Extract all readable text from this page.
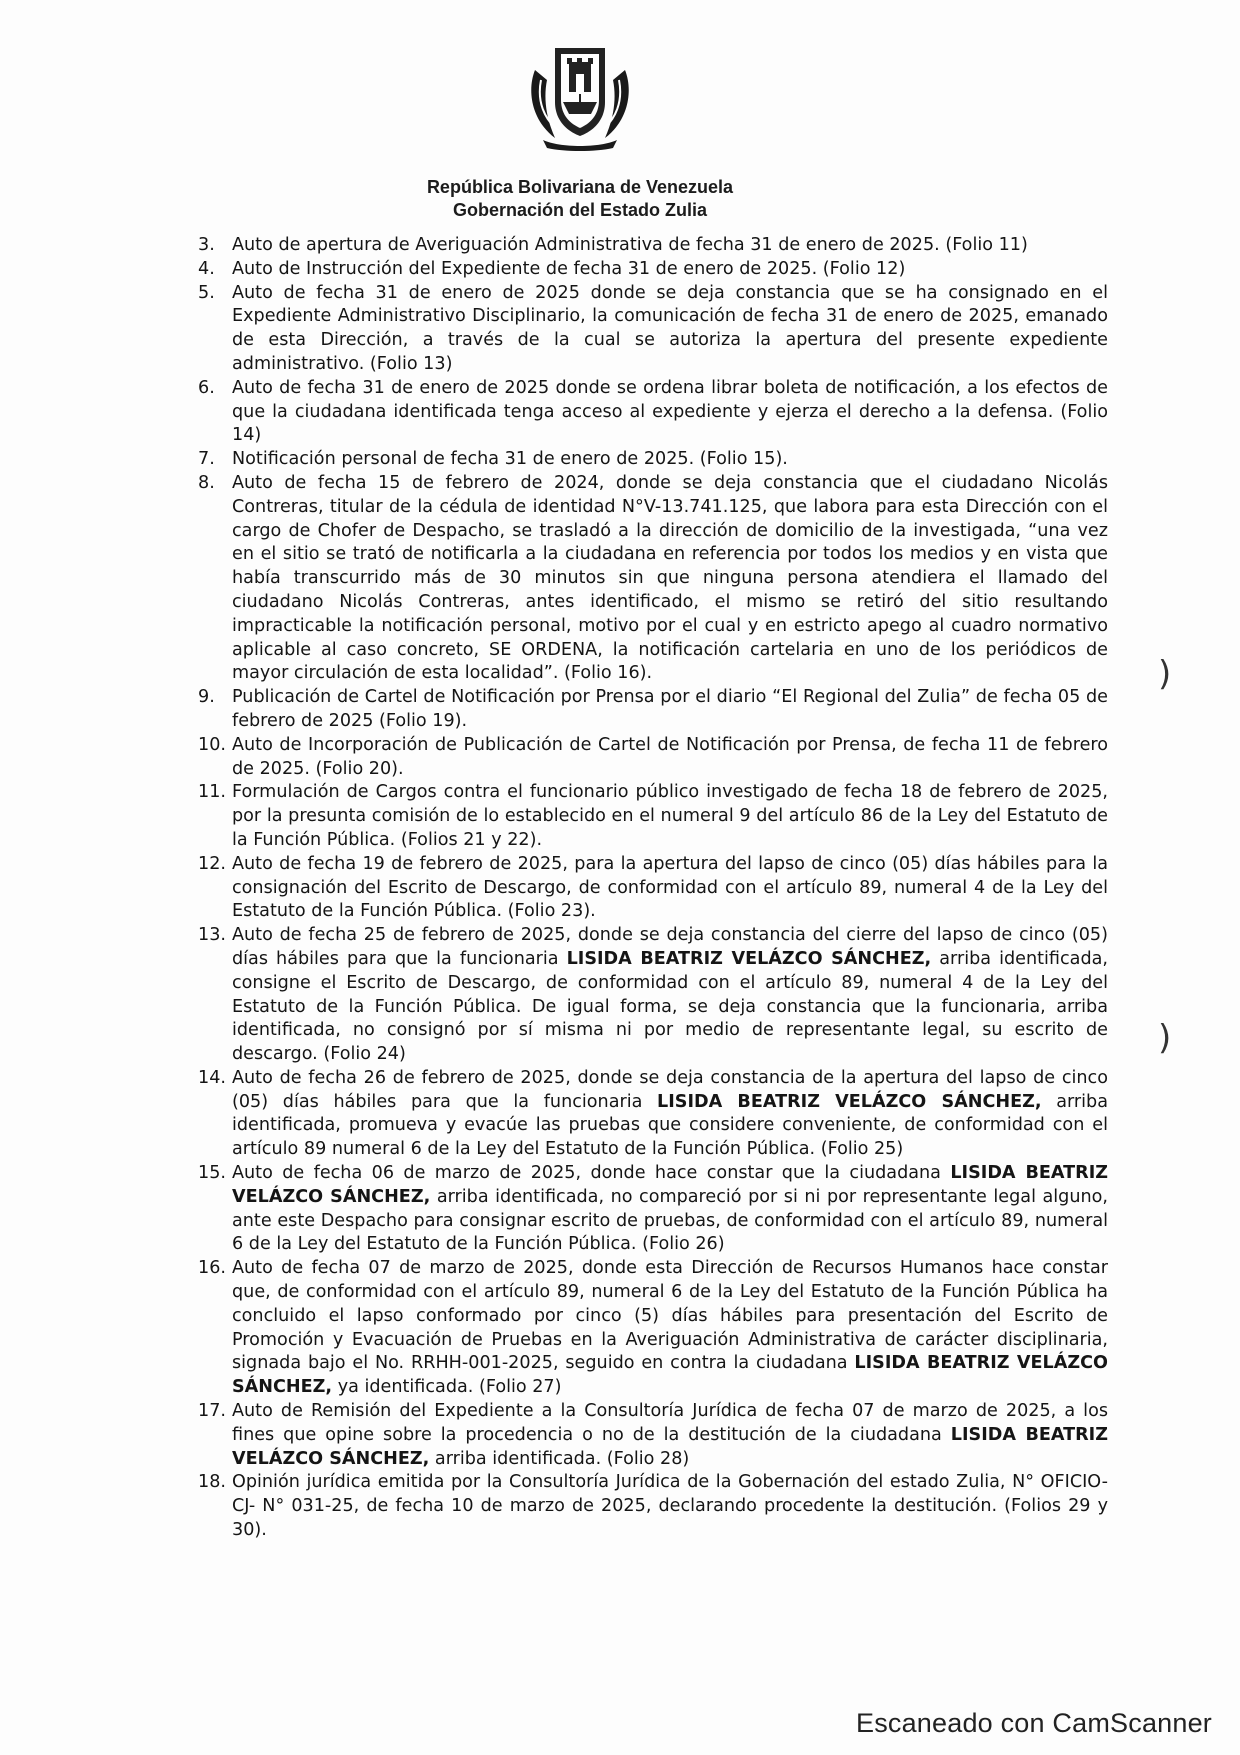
República Bolivariana de Venezuela
Gobernación del Estado Zulia
3. Auto de apertura de Averiguación Administrativa de fecha 31 de enero de 2025. (Folio 11)
4. Auto de Instrucción del Expediente de fecha 31 de enero de 2025. (Folio 12)
5. Auto de fecha 31 de enero de 2025 donde se deja constancia que se ha consignado en el Expediente Administrativo Disciplinario, la comunicación de fecha 31 de enero de 2025, emanado de esta Dirección, a través de la cual se autoriza la apertura del presente expediente administrativo. (Folio 13)
6. Auto de fecha 31 de enero de 2025 donde se ordena librar boleta de notificación, a los efectos de que la ciudadana identificada tenga acceso al expediente y ejerza el derecho a la defensa. (Folio 14)
7. Notificación personal de fecha 31 de enero de 2025. (Folio 15).
8. Auto de fecha 15 de febrero de 2024, donde se deja constancia que el ciudadano Nicolás Contreras, titular de la cédula de identidad N°V-13.741.125, que labora para esta Dirección con el cargo de Chofer de Despacho, se trasladó a la dirección de domicilio de la investigada, “una vez en el sitio se trató de notificarla a la ciudadana en referencia por todos los medios y en vista que había transcurrido más de 30 minutos sin que ninguna persona atendiera el llamado del ciudadano Nicolás Contreras, antes identificado, el mismo se retiró del sitio resultando impracticable la notificación personal, motivo por el cual y en estricto apego al cuadro normativo aplicable al caso concreto, SE ORDENA, la notificación cartelaria en uno de los periódicos de mayor circulación de esta localidad”. (Folio 16).
9. Publicación de Cartel de Notificación por Prensa por el diario “El Regional del Zulia” de fecha 05 de febrero de 2025 (Folio 19).
10. Auto de Incorporación de Publicación de Cartel de Notificación por Prensa, de fecha 11 de febrero de 2025. (Folio 20).
11. Formulación de Cargos contra el funcionario público investigado de fecha 18 de febrero de 2025, por la presunta comisión de lo establecido en el numeral 9 del artículo 86 de la Ley del Estatuto de la Función Pública. (Folios 21 y 22).
12. Auto de fecha 19 de febrero de 2025, para la apertura del lapso de cinco (05) días hábiles para la consignación del Escrito de Descargo, de conformidad con el artículo 89, numeral 4 de la Ley del Estatuto de la Función Pública. (Folio 23).
13. Auto de fecha 25 de febrero de 2025, donde se deja constancia del cierre del lapso de cinco (05) días hábiles para que la funcionaria LISIDA BEATRIZ VELÁZCO SÁNCHEZ, arriba identificada, consigne el Escrito de Descargo, de conformidad con el artículo 89, numeral 4 de la Ley del Estatuto de la Función Pública. De igual forma, se deja constancia que la funcionaria, arriba identificada, no consignó por sí misma ni por medio de representante legal, su escrito de descargo. (Folio 24)
14. Auto de fecha 26 de febrero de 2025, donde se deja constancia de la apertura del lapso de cinco (05) días hábiles para que la funcionaria LISIDA BEATRIZ VELÁZCO SÁNCHEZ, arriba identificada, promueva y evacúe las pruebas que considere conveniente, de conformidad con el artículo 89 numeral 6 de la Ley del Estatuto de la Función Pública. (Folio 25)
15. Auto de fecha 06 de marzo de 2025, donde hace constar que la ciudadana LISIDA BEATRIZ VELÁZCO SÁNCHEZ, arriba identificada, no compareció por si ni por representante legal alguno, ante este Despacho para consignar escrito de pruebas, de conformidad con el artículo 89, numeral 6 de la Ley del Estatuto de la Función Pública. (Folio 26)
16. Auto de fecha 07 de marzo de 2025, donde esta Dirección de Recursos Humanos hace constar que, de conformidad con el artículo 89, numeral 6 de la Ley del Estatuto de la Función Pública ha concluido el lapso conformado por cinco (5) días hábiles para presentación del Escrito de Promoción y Evacuación de Pruebas en la Averiguación Administrativa de carácter disciplinaria, signada bajo el No. RRHH-001-2025, seguido en contra la ciudadana LISIDA BEATRIZ VELÁZCO SÁNCHEZ, ya identificada. (Folio 27)
17. Auto de Remisión del Expediente a la Consultoría Jurídica de fecha 07 de marzo de 2025, a los fines que opine sobre la procedencia o no de la destitución de la ciudadana LISIDA BEATRIZ VELÁZCO SÁNCHEZ, arriba identificada. (Folio 28)
18. Opinión jurídica emitida por la Consultoría Jurídica de la Gobernación del estado Zulia, N° OFICIO-CJ- N° 031-25, de fecha 10 de marzo de 2025, declarando procedente la destitución. (Folios 29 y 30).
)
)
Escaneado con CamScanner
